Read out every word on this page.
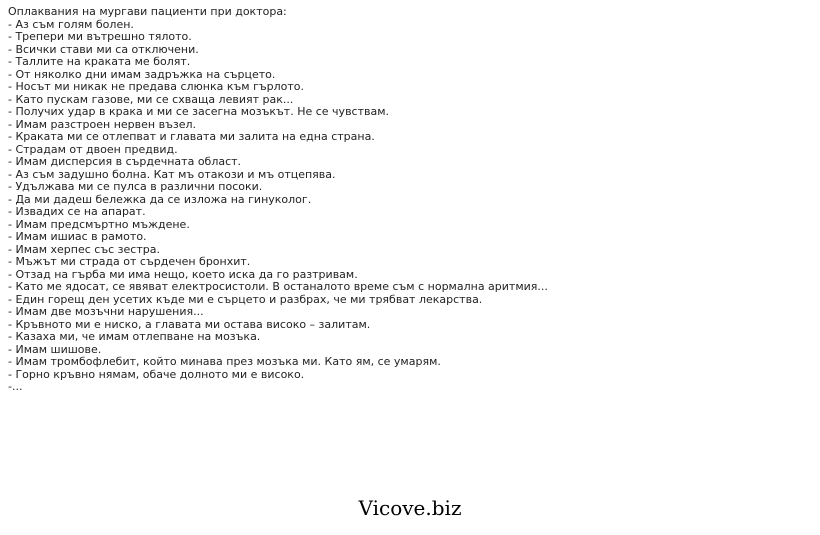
Оплаквания на мургави пациенти при доктора:
- Аз съм голям болен.
- Трепери ми вътрешно тялото.
- Всички стави ми са отключени.
- Таллите на краката ме болят.
- От няколко дни имам задръжка на сърцето.
- Носът ми никак не предава слюнка към гърлото.
- Като пускам газове, ми се схваща левият рак...
- Получих удар в крака и ми се засегна мозъкът. Не се чувствам.
- Имам разстроен нервен възел.
- Краката ми се отлепват и главата ми залита на една страна.
- Страдам от двоен предвид.
- Имам дисперсия в сърдечната област.
- Аз съм задушно болна. Кат мъ отакози и мъ отцепява.
- Удължава ми се пулса в различни посоки.
- Да ми дадеш бележка да се изложа на гинуколог.
- Извадих се на апарат.
- Имам предсмъртно мъждене.
- Имам ишиас в рамото.
- Имам херпес със зестра.
- Мъжът ми страда от сърдечен бронхит.
- Отзад на гърба ми има нещо, което иска да го разтривам.
- Като ме ядосат, се явяват електросистоли. В останалото време съм с нормална аритмия...
- Един горещ ден усетих къде ми е сърцето и разбрах, че ми трябват лекарства.
- Имам две мозъчни нарушения...
- Кръвното ми е ниско, а главата ми остава високо – залитам.
- Казаха ми, че имам отлепване на мозъка.
- Имам шишове.
- Имам тромбофлебит, който минава през мозъка ми. Като ям, се умарям.
- Горно кръвно нямам, обаче долното ми е високо.
-...
Vicove.biz
